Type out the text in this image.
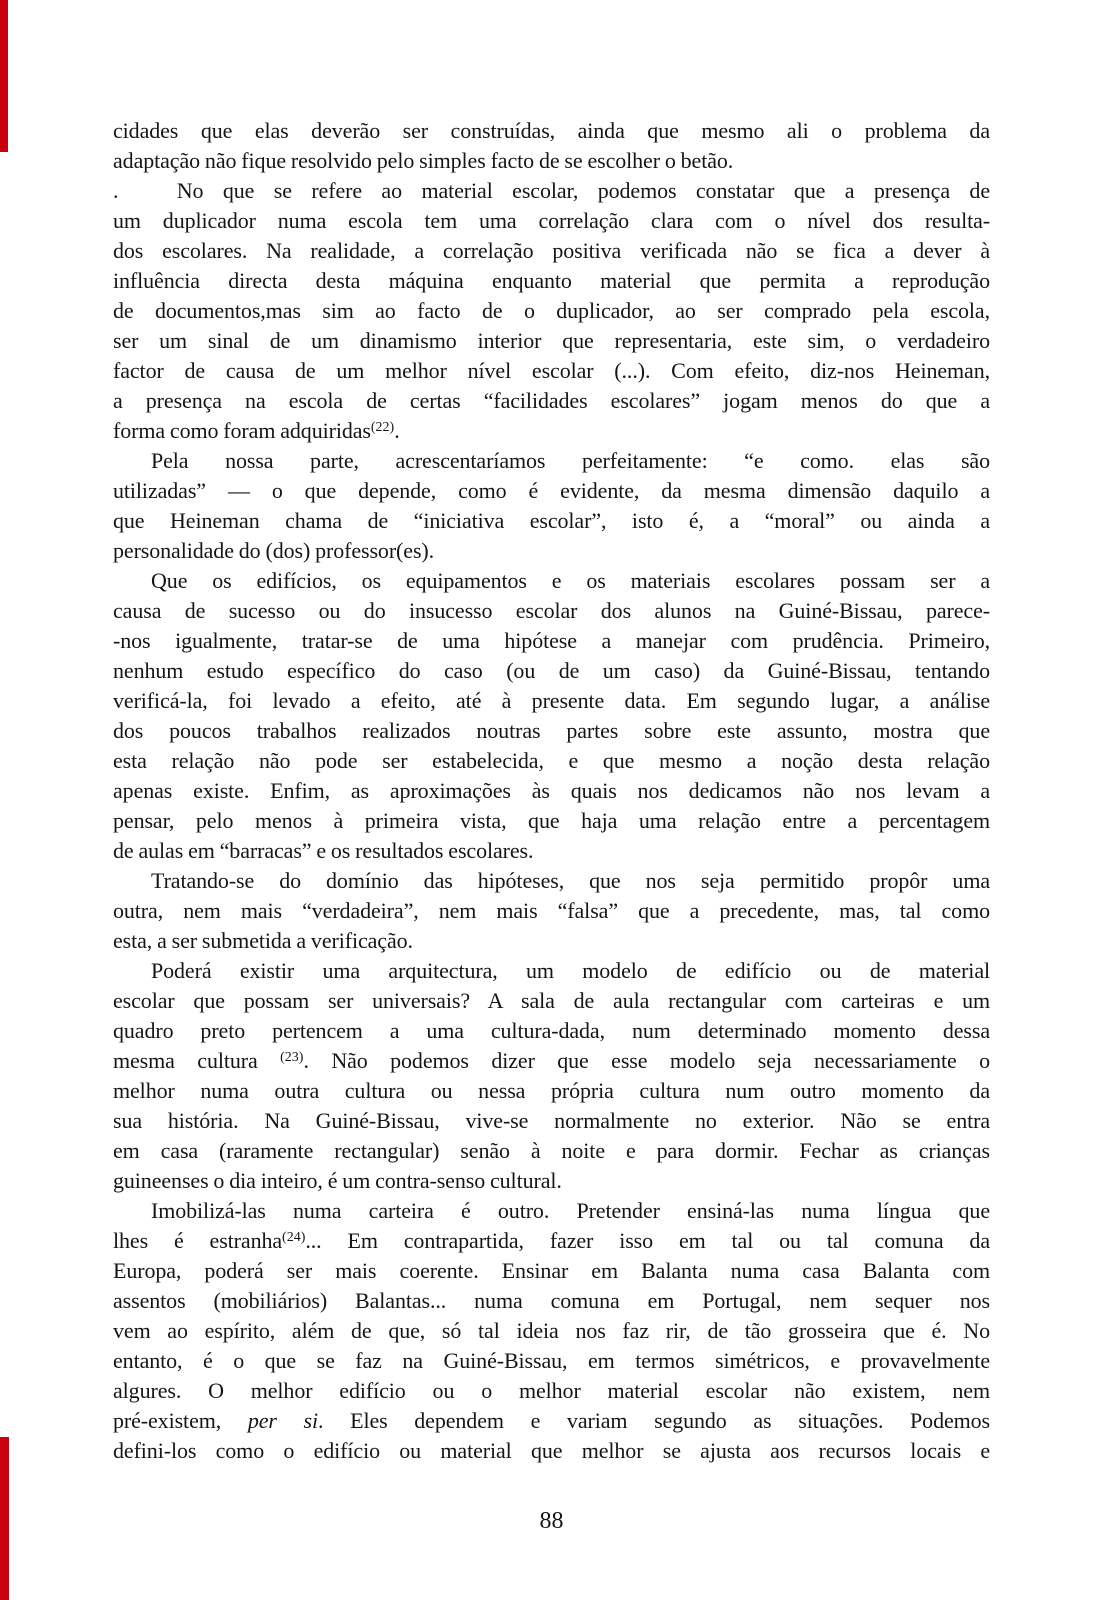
cidades que elas deverão ser construídas, ainda que mesmo ali o problema da
adaptação não fique resolvido pelo simples facto de se escolher o betão.
.   No que se refere ao material escolar, podemos constatar que a presença de
um duplicador numa escola tem uma correlação clara com o nível dos resulta-
dos escolares. Na realidade, a correlação positiva verificada não se fica a dever à
influência directa desta máquina enquanto material que permita a reprodução
de documentos,mas sim ao facto de o duplicador, ao ser comprado pela escola,
ser um sinal de um dinamismo interior que representaria, este sim, o verdadeiro
factor de causa de um melhor nível escolar (...). Com efeito, diz-nos Heineman,
a presença na escola de certas “facilidades escolares” jogam menos do que a
forma como foram adquiridas$^{(22)}$.
Pela nossa parte, acrescentaríamos perfeitamente: “e como. elas são
utilizadas” — o que depende, como é evidente, da mesma dimensão daquilo a
que Heineman chama de “iniciativa escolar”, isto é, a “moral” ou ainda a
personalidade do (dos) professor(es).
Que os edifícios, os equipamentos e os materiais escolares possam ser a
causa de sucesso ou do insucesso escolar dos alunos na Guiné-Bissau, parece-
-nos igualmente, tratar-se de uma hipótese a manejar com prudência. Primeiro,
nenhum estudo específico do caso (ou de um caso) da Guiné-Bissau, tentando
verificá-la, foi levado a efeito, até à presente data. Em segundo lugar, a análise
dos poucos trabalhos realizados noutras partes sobre este assunto, mostra que
esta relação não pode ser estabelecida, e que mesmo a noção desta relação
apenas existe. Enfim, as aproximações às quais nos dedicamos não nos levam a
pensar, pelo menos à primeira vista, que haja uma relação entre a percentagem
de aulas em “barracas” e os resultados escolares.
Tratando-se do domínio das hipóteses, que nos seja permitido propôr uma
outra, nem mais “verdadeira”, nem mais “falsa” que a precedente, mas, tal como
esta, a ser submetida a verificação.
Poderá existir uma arquitectura, um modelo de edifício ou de material
escolar que possam ser universais? A sala de aula rectangular com carteiras e um
quadro preto pertencem a uma cultura-dada, num determinado momento dessa
mesma cultura $^{(23)}$. Não podemos dizer que esse modelo seja necessariamente o
melhor numa outra cultura ou nessa própria cultura num outro momento da
sua história. Na Guiné-Bissau, vive-se normalmente no exterior. Não se entra
em casa (raramente rectangular) senão à noite e para dormir. Fechar as crianças
guineenses o dia inteiro, é um contra-senso cultural.
Imobilizá-las numa carteira é outro. Pretender ensiná-las numa língua que
lhes é estranha$^{(24)}$... Em contrapartida, fazer isso em tal ou tal comuna da
Europa, poderá ser mais coerente. Ensinar em Balanta numa casa Balanta com
assentos (mobiliários) Balantas... numa comuna em Portugal, nem sequer nos
vem ao espírito, além de que, só tal ideia nos faz rir, de tão grosseira que é. No
entanto, é o que se faz na Guiné-Bissau, em termos simétricos, e provavelmente
algures. O melhor edifício ou o melhor material escolar não existem, nem
pré-existem, per si. Eles dependem e variam segundo as situações. Podemos
defini-los como o edifício ou material que melhor se ajusta aos recursos locais e
88
